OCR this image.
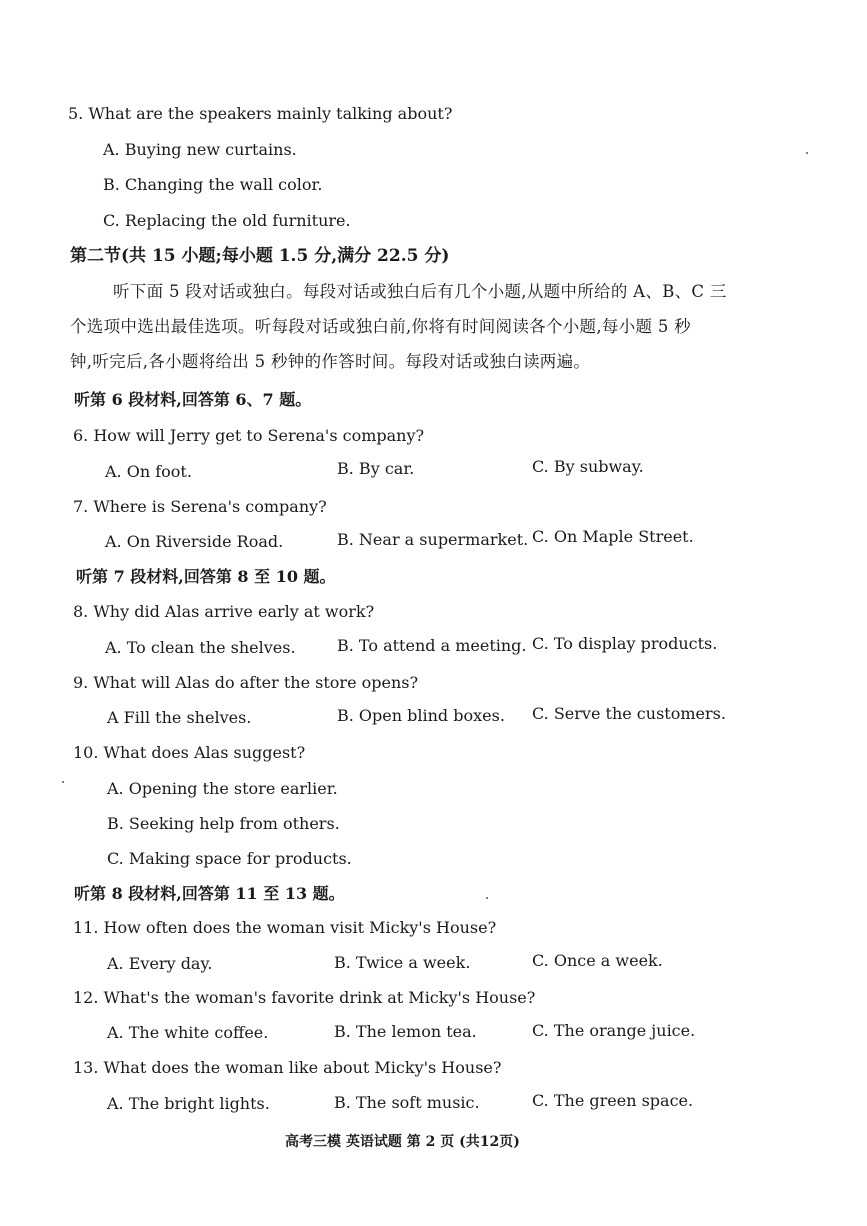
5. What are the speakers mainly talking about?
A. Buying new curtains.
B. Changing the wall color.
C. Replacing the old furniture.
第二节(共 15 小题;每小题 1.5 分,满分 22.5 分)
听下面 5 段对话或独白。每段对话或独白后有几个小题,从题中所给的 A、B、C 三
个选项中选出最佳选项。听每段对话或独白前,你将有时间阅读各个小题,每小题 5 秒
钟,听完后,各小题将给出 5 秒钟的作答时间。每段对话或独白读两遍。
听第 6 段材料,回答第 6、7 题。
6. How will Jerry get to Serena's company?
A. On foot.	B. By car.	C. By subway.
7. Where is Serena's company?
A. On Riverside Road.	B. Near a supermarket. C. On Maple Street.
听第 7 段材料,回答第 8 至 10 题。
8. Why did Alas arrive early at work?
A. To clean the shelves.	B. To attend a meeting. C. To display products.
9. What will Alas do after the store opens?
A Fill the shelves.	B. Open blind boxes. C. Serve the customers.
10. What does Alas suggest?
A. Opening the store earlier.
B. Seeking help from others.
C. Making space for products.
听第 8 段材料,回答第 11 至 13 题。
11. How often does the woman visit Micky's House?
A. Every day.	B. Twice a week.	C. Once a week.
12. What's the woman's favorite drink at Micky's House?
A. The white coffee.	B. The lemon tea.	C. The orange juice.
13. What does the woman like about Micky's House?
A. The bright lights.	B. The soft music.	C. The green space.
高考三模 英语试题 第 2 页 (共12页)
